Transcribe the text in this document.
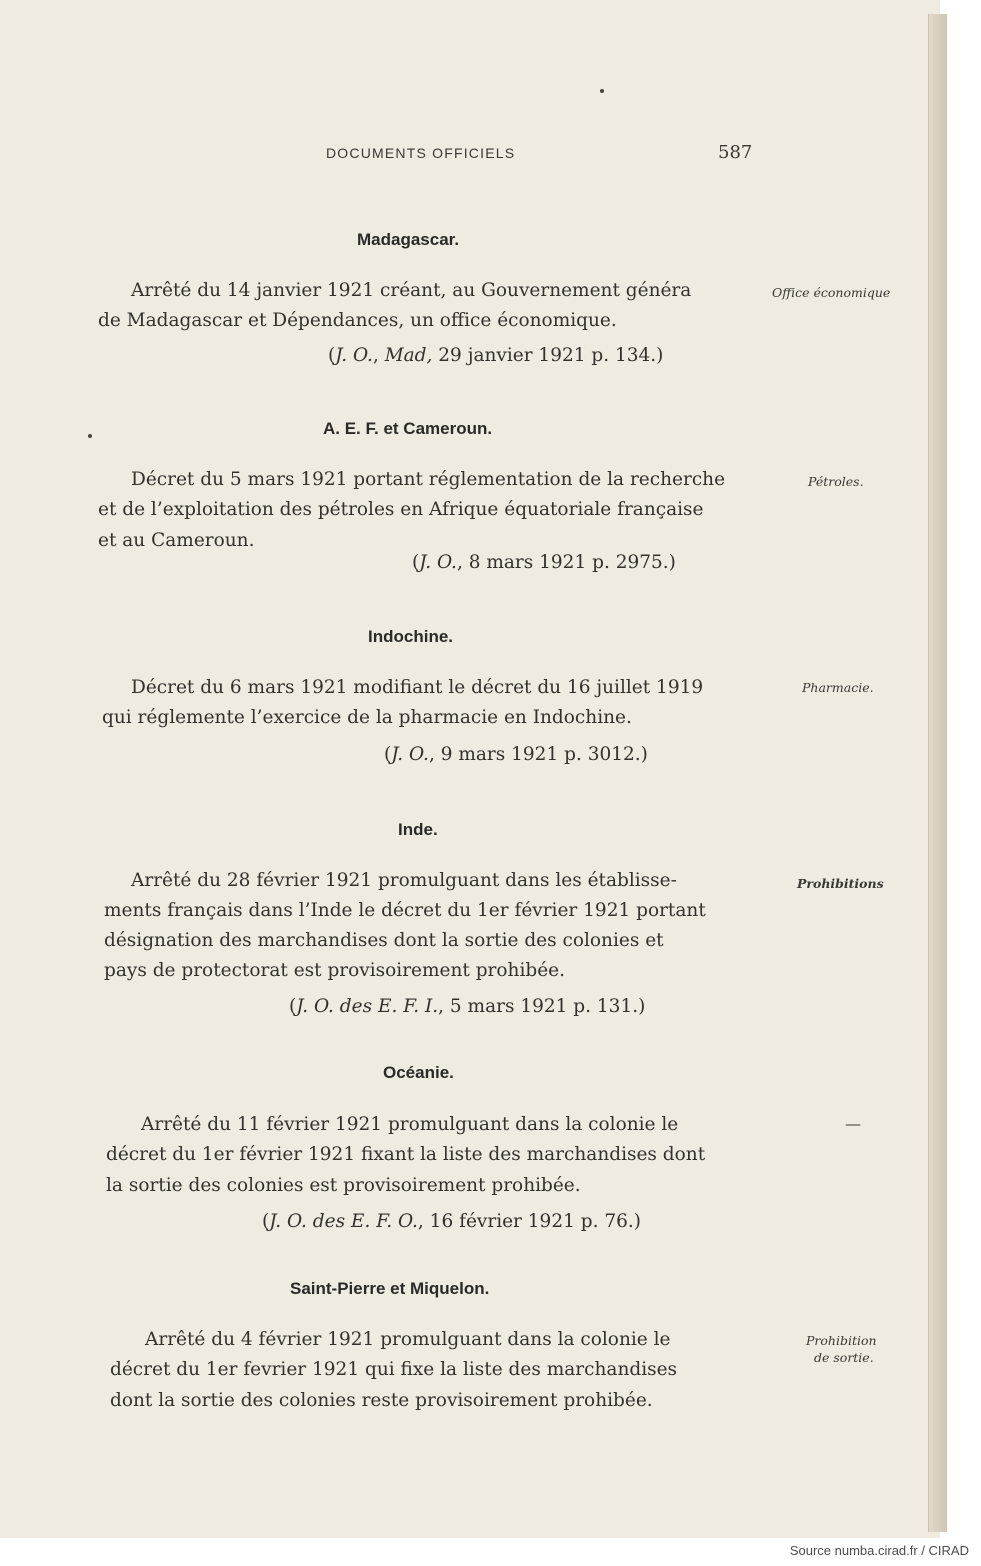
DOCUMENTS OFFICIELS	587
Madagascar.
Arrêté du 14 janvier 1921 créant, au Gouvernement généra
de Madagascar et Dépendances, un office économique.
(J. O., Mad, 29 janvier 1921 p. 134.)
Office économique
A. E. F. et Cameroun.
Décret du 5 mars 1921 portant réglementation de la recherche
et de l’exploitation des pétroles en Afrique équatoriale française
et au Cameroun.
(J. O., 8 mars 1921 p. 2975.)
Pétroles.
Indochine.
Décret du 6 mars 1921 modifiant le décret du 16 juillet 1919
qui réglemente l’exercice de la pharmacie en Indochine.
(J. O., 9 mars 1921 p. 3012.)
Pharmacie.
Inde.
Arrêté du 28 février 1921 promulguant dans les établisse-
ments français dans l’Inde le décret du 1er février 1921 portant
désignation des marchandises dont la sortie des colonies et
pays de protectorat est provisoirement prohibée.
(J. O. des E. F. I., 5 mars 1921 p. 131.)
Prohibitions
Océanie.
Arrêté du 11 février 1921 promulguant dans la colonie le
décret du 1er février 1921 fixant la liste des marchandises dont
la sortie des colonies est provisoirement prohibée.
(J. O. des E. F. O., 16 février 1921 p. 76.)
—
Saint-Pierre et Miquelon.
Arrêté du 4 février 1921 promulguant dans la colonie le
décret du 1er fevrier 1921 qui fixe la liste des marchandises
dont la sortie des colonies reste provisoirement prohibée.
Prohibition
de sortie.
Source numba.cirad.fr / CIRAD
